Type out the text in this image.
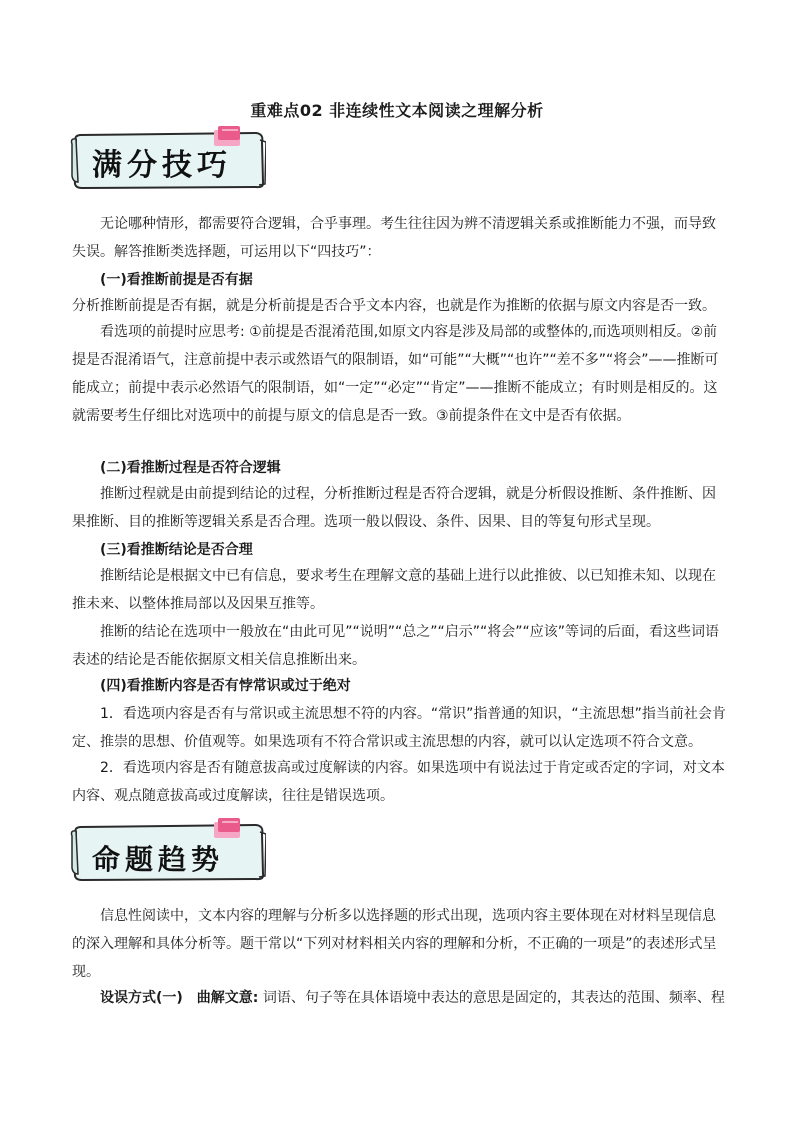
重难点02 非连续性文本阅读之理解分析
满分技巧

无论哪种情形，都需要符合逻辑，合乎事理。考生往往因为辨不清逻辑关系或推断能力不强，而导致失误。解答推断类选择题，可运用以下“四技巧”：

(一)看推断前提是否有据

分析推断前提是否有据，就是分析前提是否合乎文本内容，也就是作为推断的依据与原文内容是否一致。

看选项的前提时应思考: ①前提是否混淆范围,如原文内容是涉及局部的或整体的,而选项则相反。②前提是否混淆语气，注意前提中表示或然语气的限制语，如“可能”“大概”“也许”“差不多”“将会”——推断可能成立；前提中表示必然语气的限制语，如“一定”“必定”“肯定”——推断不能成立；有时则是相反的。这就需要考生仔细比对选项中的前提与原文的信息是否一致。③前提条件在文中是否有依据。

(二)看推断过程是否符合逻辑

推断过程就是由前提到结论的过程，分析推断过程是否符合逻辑，就是分析假设推断、条件推断、因果推断、目的推断等逻辑关系是否合理。选项一般以假设、条件、因果、目的等复句形式呈现。

(三)看推断结论是否合理

推断结论是根据文中已有信息，要求考生在理解文意的基础上进行以此推彼、以已知推未知、以现在推未来、以整体推局部以及因果互推等。

推断的结论在选项中一般放在“由此可见”“说明”“总之”“启示”“将会”“应该”等词的后面，看这些词语表述的结论是否能依据原文相关信息推断出来。

(四)看推断内容是否有悖常识或过于绝对

1．看选项内容是否有与常识或主流思想不符的内容。“常识”指普通的知识，“主流思想”指当前社会肯定、推崇的思想、价值观等。如果选项有不符合常识或主流思想的内容，就可以认定选项不符合文意。

2．看选项内容是否有随意拔高或过度解读的内容。如果选项中有说法过于肯定或否定的字词，对文本内容、观点随意拔高或过度解读，往往是错误选项。

命题趋势

信息性阅读中，文本内容的理解与分析多以选择题的形式出现，选项内容主要体现在对材料呈现信息的深入理解和具体分析等。题干常以“下列对材料相关内容的理解和分析，不正确的一项是”的表述形式呈现。

设误方式(一)　曲解文意: 词语、句子等在具体语境中表达的意思是固定的，其表达的范围、频率、程
